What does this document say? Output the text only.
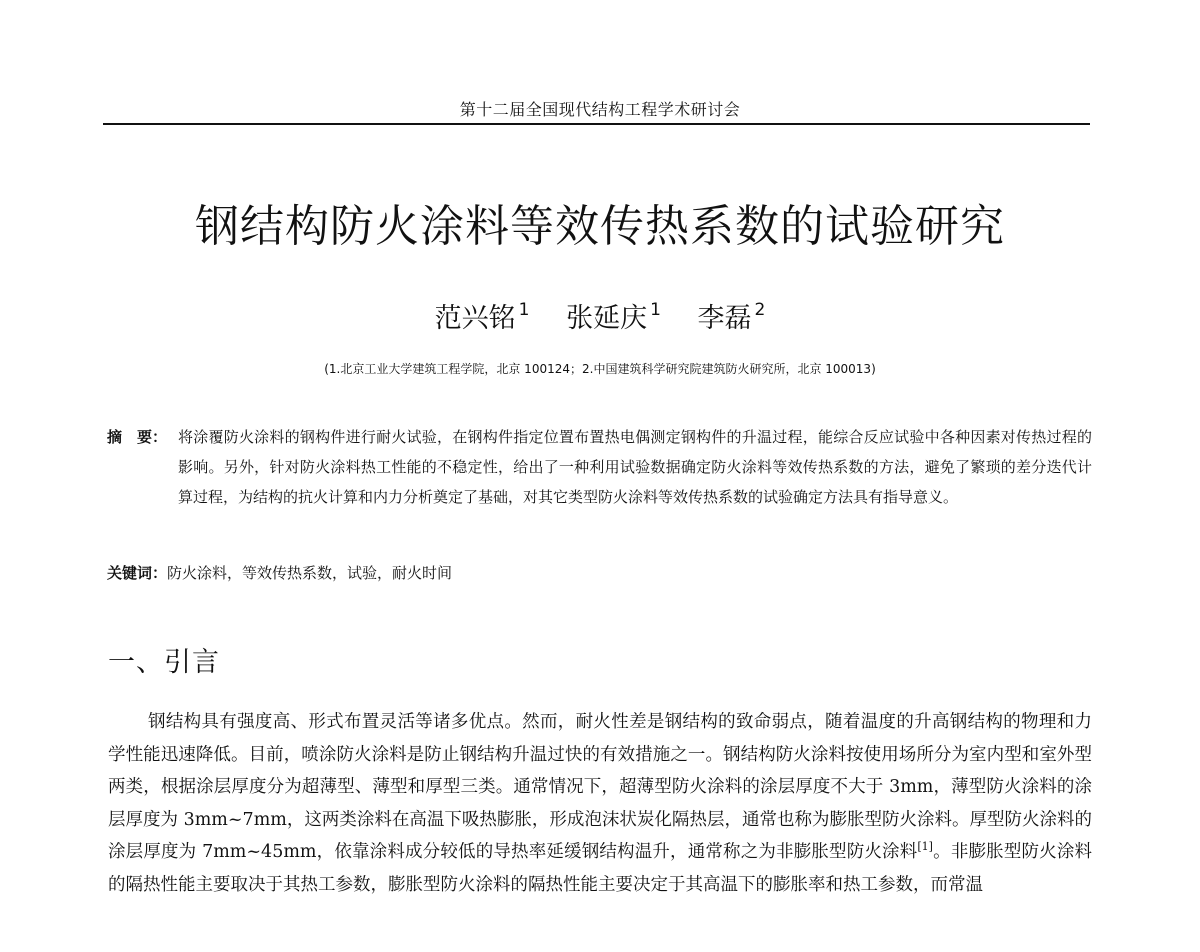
第十二届全国现代结构工程学术研讨会
钢结构防火涂料等效传热系数的试验研究
范兴铭 $^1$ 张延庆 $^1$ 李磊 $^2$
(1.北京工业大学建筑工程学院，北京 100124；2.中国建筑科学研究院建筑防火研究所，北京 100013)
摘　要： 将涂覆防火涂料的钢构件进行耐火试验，在钢构件指定位置布置热电偶测定钢构件的升温过程，能综合反应试验中各种因素对传热过程的影响。另外，针对防火涂料热工性能的不稳定性，给出了一种利用试验数据确定防火涂料等效传热系数的方法，避免了繁琐的差分迭代计算过程，为结构的抗火计算和内力分析奠定了基础，对其它类型防火涂料等效传热系数的试验确定方法具有指导意义。
关键词：防火涂料，等效传热系数，试验，耐火时间
一、引言
钢结构具有强度高、形式布置灵活等诸多优点。然而，耐火性差是钢结构的致命弱点，随着温度的升高钢结构的物理和力学性能迅速降低。目前，喷涂防火涂料是防止钢结构升温过快的有效措施之一。钢结构防火涂料按使用场所分为室内型和室外型两类，根据涂层厚度分为超薄型、薄型和厚型三类。通常情况下，超薄型防火涂料的涂层厚度不大于 3mm，薄型防火涂料的涂层厚度为 3mm~7mm，这两类涂料在高温下吸热膨胀，形成泡沫状炭化隔热层，通常也称为膨胀型防火涂料。厚型防火涂料的涂层厚度为 7mm~45mm，依靠涂料成分较低的导热率延缓钢结构温升，通常称之为非膨胀型防火涂料[1]。非膨胀型防火涂料的隔热性能主要取决于其热工参数，膨胀型防火涂料的隔热性能主要决定于其高温下的膨胀率和热工参数，而常温
